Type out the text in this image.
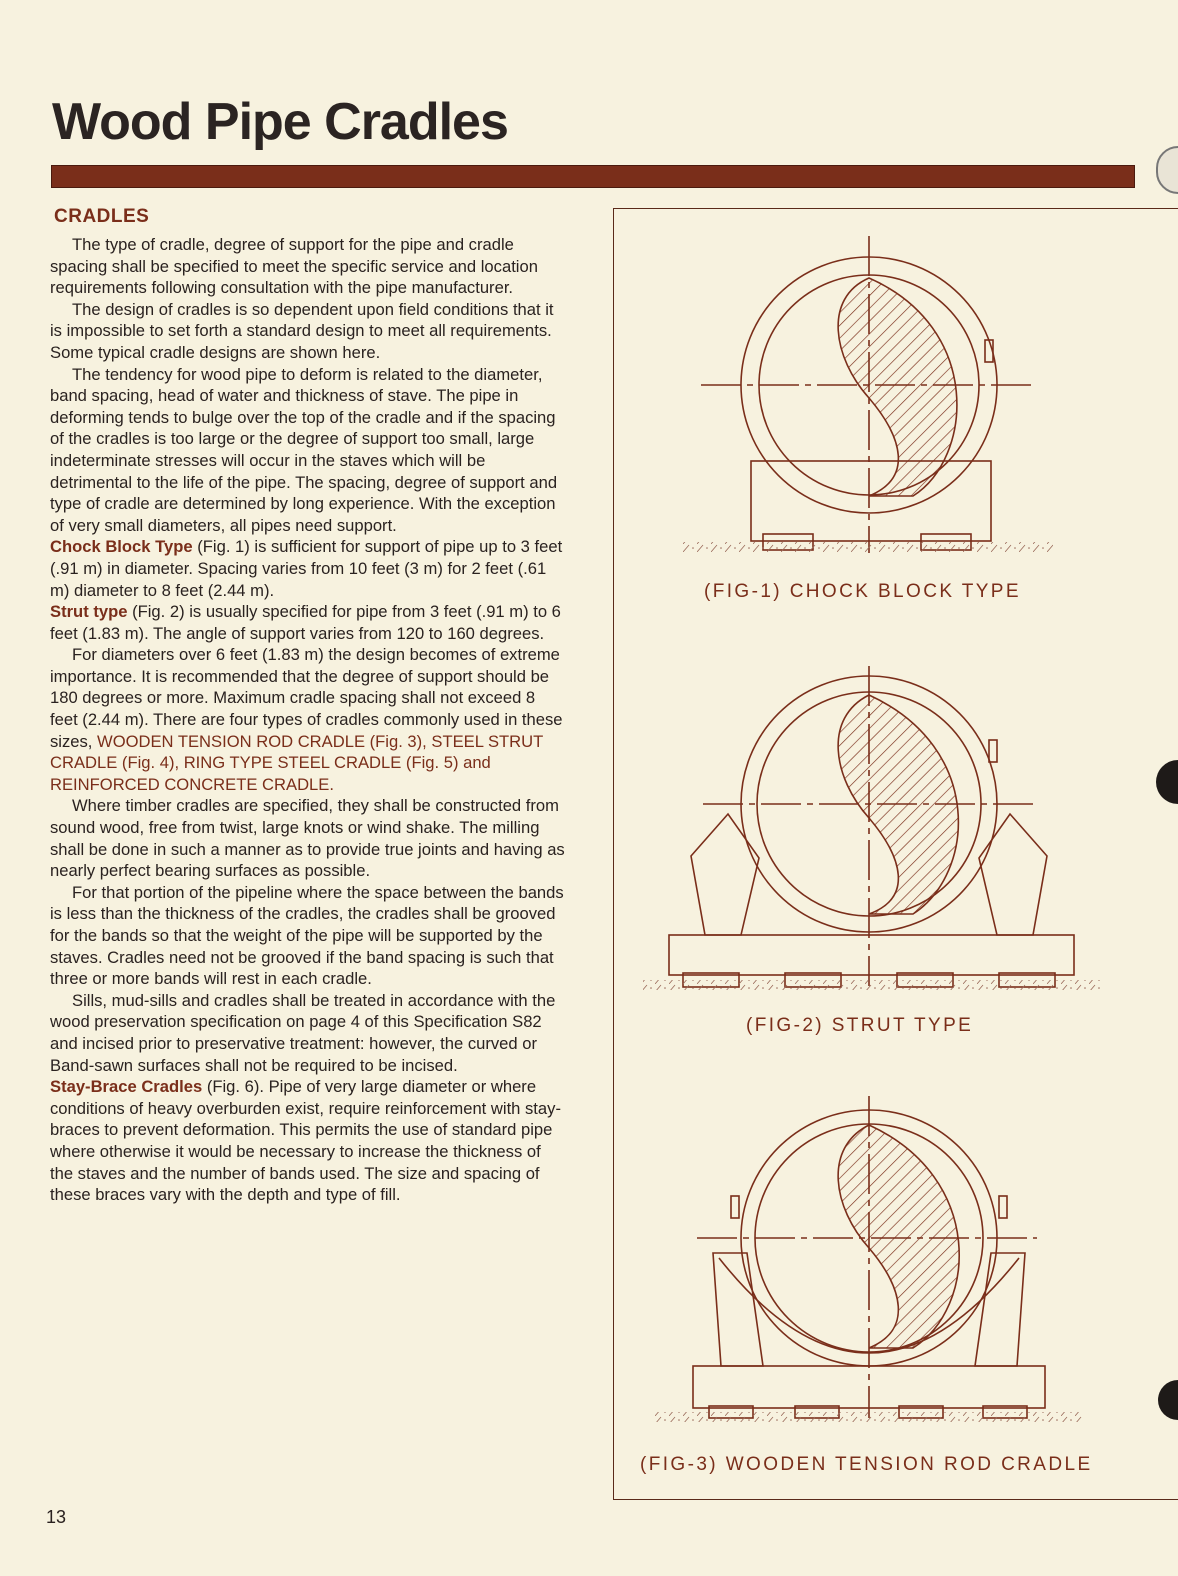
Wood Pipe Cradles
CRADLES

The type of cradle, degree of support for the pipe and cradle spacing shall be specified to meet the specific service and location requirements following consultation with the pipe manufacturer.

The design of cradles is so dependent upon field conditions that it is impossible to set forth a standard design to meet all requirements. Some typical cradle designs are shown here.

The tendency for wood pipe to deform is related to the diameter, band spacing, head of water and thickness of stave. The pipe in deforming tends to bulge over the top of the cradle and if the spacing of the cradles is too large or the degree of support too small, large indeterminate stresses will occur in the staves which will be detrimental to the life of the pipe. The spacing, degree of support and type of cradle are determined by long experience. With the exception of very small diameters, all pipes need support.

Chock Block Type (Fig. 1) is sufficient for support of pipe up to 3 feet (.91 m) in diameter. Spacing varies from 10 feet (3 m) for 2 feet (.61 m) diameter to 8 feet (2.44 m).

Strut type (Fig. 2) is usually specified for pipe from 3 feet (.91 m) to 6 feet (1.83 m). The angle of support varies from 120 to 160 degrees.

For diameters over 6 feet (1.83 m) the design becomes of extreme importance. It is recommended that the degree of support should be 180 degrees or more. Maximum cradle spacing shall not exceed 8 feet (2.44 m). There are four types of cradles commonly used in these sizes, WOODEN TENSION ROD CRADLE (Fig. 3), STEEL STRUT CRADLE (Fig. 4), RING TYPE STEEL CRADLE (Fig. 5) and REINFORCED CONCRETE CRADLE.

Where timber cradles are specified, they shall be constructed from sound wood, free from twist, large knots or wind shake. The milling shall be done in such a manner as to provide true joints and having as nearly perfect bearing surfaces as possible.

For that portion of the pipeline where the space between the bands is less than the thickness of the cradles, the cradles shall be grooved for the bands so that the weight of the pipe will be supported by the staves. Cradles need not be grooved if the band spacing is such that three or more bands will rest in each cradle.

Sills, mud-sills and cradles shall be treated in accordance with the wood preservation specification on page 4 of this Specification S82 and incised prior to preservative treatment: however, the curved or Band-sawn surfaces shall not be required to be incised.

Stay-Brace Cradles (Fig. 6). Pipe of very large diameter or where conditions of heavy overburden exist, require reinforcement with stay-braces to prevent deformation. This permits the use of standard pipe where otherwise it would be necessary to increase the thickness of the staves and the number of bands used. The size and spacing of these braces vary with the depth and type of fill.

13
(FIG-1) CHOCK BLOCK TYPE
(FIG-2) STRUT TYPE
(FIG-3) WOODEN TENSION ROD CRADLE
